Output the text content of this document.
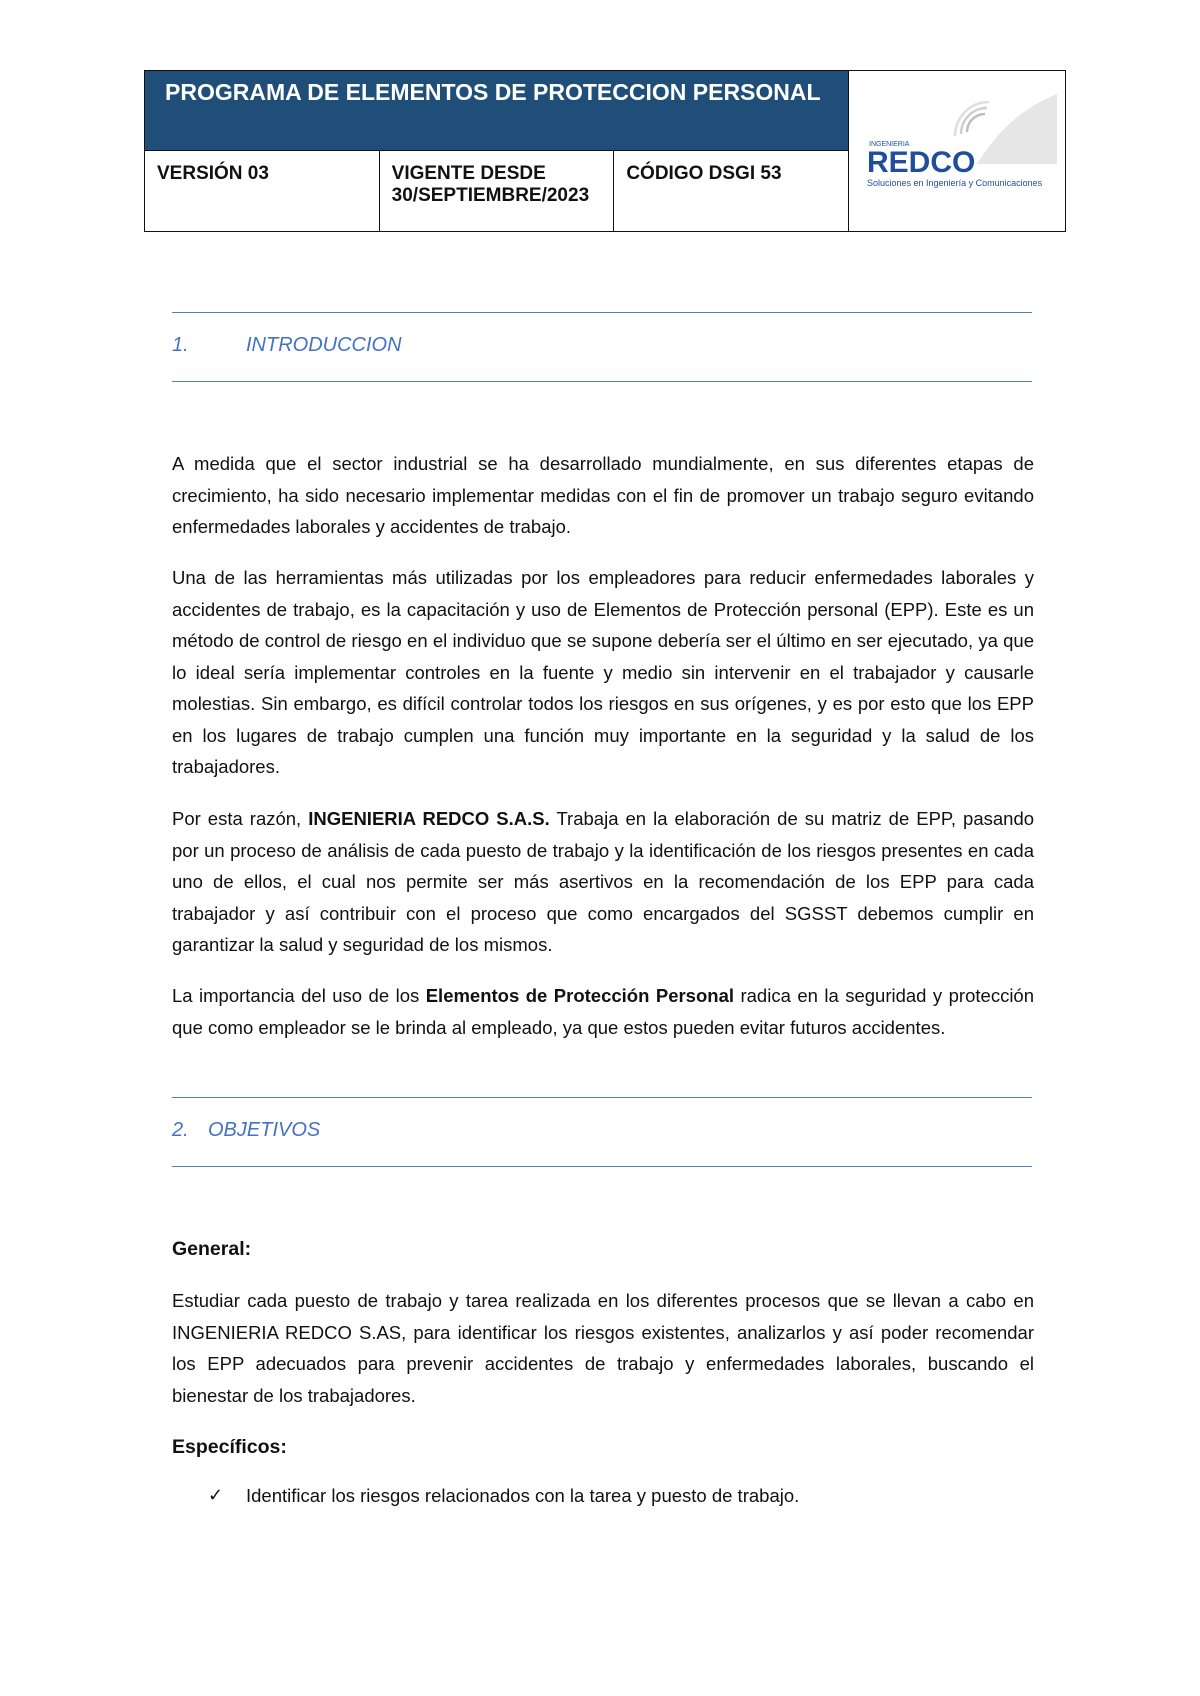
PROGRAMA DE ELEMENTOS DE PROTECCION PERSONAL			INGENIERIA
REDCO
Soluciones en Ingeniería y Comunicaciones

VERSIÓN 03	VIGENTE DESDE 30/SEPTIEMBRE/2023	CÓDIGO DSGI 53	
1.	INTRODUCCION

A medida que el sector industrial se ha desarrollado mundialmente, en sus diferentes etapas de crecimiento, ha sido necesario implementar medidas con el fin de promover un trabajo seguro evitando enfermedades laborales y accidentes de trabajo.

Una de las herramientas más utilizadas por los empleadores para reducir enfermedades laborales y accidentes de trabajo, es la capacitación y uso de Elementos de Protección personal (EPP). Este es un método de control de riesgo en el individuo que se supone debería ser el último en ser ejecutado, ya que lo ideal sería implementar controles en la fuente y medio sin intervenir en el trabajador y causarle molestias. Sin embargo, es difícil controlar todos los riesgos en sus orígenes, y es por esto que los EPP en los lugares de trabajo cumplen una función muy importante en la seguridad y la salud de los trabajadores.

Por esta razón, INGENIERIA REDCO S.A.S. Trabaja en la elaboración de su matriz de EPP, pasando por un proceso de análisis de cada puesto de trabajo y la identificación de los riesgos presentes en cada uno de ellos, el cual nos permite ser más asertivos en la recomendación de los EPP para cada trabajador y así contribuir con el proceso que como encargados del SGSST debemos cumplir en garantizar la salud y seguridad de los mismos.

La importancia del uso de los Elementos de Protección Personal radica en la seguridad y protección que como empleador se le brinda al empleado, ya que estos pueden evitar futuros accidentes.

2. OBJETIVOS
General:

Estudiar cada puesto de trabajo y tarea realizada en los diferentes procesos que se llevan a cabo en INGENIERIA REDCO S.AS, para identificar los riesgos existentes, analizarlos y así poder recomendar los EPP adecuados para prevenir accidentes de trabajo y enfermedades laborales, buscando el bienestar de los trabajadores.

Específicos:
✓ Identificar los riesgos relacionados con la tarea y puesto de trabajo.
